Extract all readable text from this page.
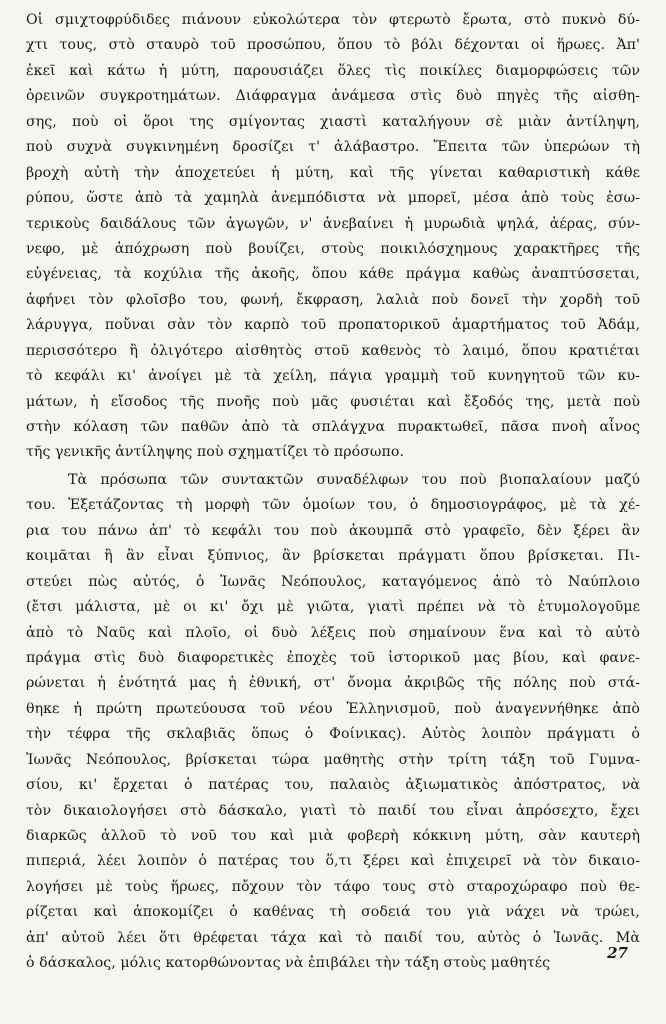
Οἱ σμιχτοφρύδιδες πιάνουν εὐκολώτερα τὸν φτερωτὸ ἔρωτα, στὸ πυκνὸ δύ-
χτι τους, στὸ σταυρὸ τοῦ προσώπου, ὅπου τὸ βόλι δέχονται οἱ ἥρωες. Ἀπ'
ἐκεῖ καὶ κάτω ἡ μύτη, παρουσιάζει ὅλες τὶς ποικίλες διαμορφώσεις τῶν
ὀρεινῶν συγκροτημάτων. Διάφραγμα ἀνάμεσα στὶς δυὸ πηγὲς τῆς αἰσθη-
σης, ποὺ οἱ ὅροι της σμίγοντας χιαστὶ καταλήγουν σὲ μιὰν ἀντίληψη,
ποὺ συχνὰ συγκινημένη δροσίζει τ' ἀλάβαστρο. Ἔπειτα τῶν ὑπερώων τὴ
βροχὴ αὐτὴ τὴν ἀποχετεύει ἡ μύτη, καὶ τῆς γίνεται καθαριστικὴ κάθε
ρύπου, ὥστε ἀπὸ τὰ χαμηλὰ ἀνεμπόδιστα νὰ μπορεῖ, μέσα ἀπὸ τοὺς ἐσω-
τερικοὺς δαιδάλους τῶν ἀγωγῶν, ν' ἀνεβαίνει ἡ μυρωδιὰ ψηλά, ἀέρας, σύν-
νεφο, μὲ ἀπόχρωση ποὺ βουίζει, στοὺς ποικιλόσχημους χαρακτῆρες τῆς
εὐγένειας, τὰ κοχύλια τῆς ἀκοῆς, ὅπου κάθε πράγμα καθὼς ἀναπτύσσεται,
ἀφήνει τὸν φλοῖσβο του, φωνή, ἔκφραση, λαλιὰ ποὺ δονεῖ τὴν χορδὴ τοῦ
λάρυγγα, ποὔναι σὰν τὸν καρπὸ τοῦ προπατορικοῦ ἁμαρτήματος τοῦ Ἀδάμ,
περισσότερο ἢ ὀλιγότερο αἰσθητὸς στοῦ καθενὸς τὸ λαιμό, ὅπου κρατιέται
τὸ κεφάλι κι' ἀνοίγει μὲ τὰ χείλη, πάγια γραμμὴ τοῦ κυνηγητοῦ τῶν κυ-
μάτων, ἡ εἴσοδος τῆς πνοῆς ποὺ μᾶς φυσιέται καὶ ἔξοδός της, μετὰ ποὺ
στὴν κόλαση τῶν παθῶν ἀπὸ τὰ σπλάγχνα πυρακτωθεῖ, πᾶσα πνοὴ αἶνος
τῆς γενικῆς ἀντίληψης ποὺ σχηματίζει τὸ πρόσωπο.
Τὰ πρόσωπα τῶν συντακτῶν συναδέλφων του ποὺ βιοπαλαίουν μαζύ
του. Ἐξετάζοντας τὴ μορφὴ τῶν ὁμοίων του, ὁ δημοσιογράφος, μὲ τὰ χέ-
ρια του πάνω ἀπ' τὸ κεφάλι του ποὺ ἀκουμπᾶ στὸ γραφεῖο, δὲν ξέρει ἂν
κοιμᾶται ἢ ἂν εἶναι ξύπνιος, ἂν βρίσκεται πράγματι ὅπου βρίσκεται. Πι-
στεύει πὼς αὐτός, ὁ Ἰωνᾶς Νεόπουλος, καταγόμενος ἀπὸ τὸ Ναύπλοιο
(ἔτσι μάλιστα, μὲ οι κι' ὄχι μὲ γιῶτα, γιατὶ πρέπει νὰ τὸ ἐτυμολογοῦμε
ἀπὸ τὸ Ναῦς καὶ πλοῖο, οἱ δυὸ λέξεις ποὺ σημαίνουν ἕνα καὶ τὸ αὐτὸ
πράγμα στὶς δυὸ διαφορετικὲς ἐποχὲς τοῦ ἱστορικοῦ μας βίου, καὶ φανε-
ρώνεται ἡ ἑνότητά μας ἡ ἐθνική, στ' ὄνομα ἀκριβῶς τῆς πόλης ποὺ στά-
θηκε ἡ πρώτη πρωτεύουσα τοῦ νέου Ἑλληνισμοῦ, ποὺ ἀναγεννήθηκε ἀπὸ
τὴν τέφρα τῆς σκλαβιᾶς ὅπως ὁ Φοίνικας). Αὐτὸς λοιπὸν πράγματι ὁ
Ἰωνᾶς Νεόπουλος, βρίσκεται τώρα μαθητὴς στὴν τρίτη τάξη τοῦ Γυμνα-
σίου, κι' ἔρχεται ὁ πατέρας του, παλαιὸς ἀξιωματικὸς ἀπόστρατος, νὰ
τὸν δικαιολογήσει στὸ δάσκαλο, γιατὶ τὸ παιδί του εἶναι ἀπρόσεχτο, ἔχει
διαρκῶς ἀλλοῦ τὸ νοῦ του καὶ μιὰ φοβερὴ κόκκινη μύτη, σὰν καυτερὴ
πιπεριά, λέει λοιπὸν ὁ πατέρας του ὅ,τι ξέρει καὶ ἐπιχειρεῖ νὰ τὸν δικαιο-
λογήσει μὲ τοὺς ἥρωες, πὄχουν τὸν τάφο τους στὸ σταροχώραφο ποὺ θε-
ρίζεται καὶ ἀποκομίζει ὁ καθένας τὴ σοδειά του γιὰ νάχει νὰ τρώει,
ἀπ' αὐτοῦ λέει ὅτι θρέφεται τάχα καὶ τὸ παιδί του, αὐτὸς ὁ Ἰωνᾶς. Μὰ
ὁ δάσκαλος, μόλις κατορθώνοντας νὰ ἐπιβάλει τὴν τάξη στοὺς μαθητές
27
